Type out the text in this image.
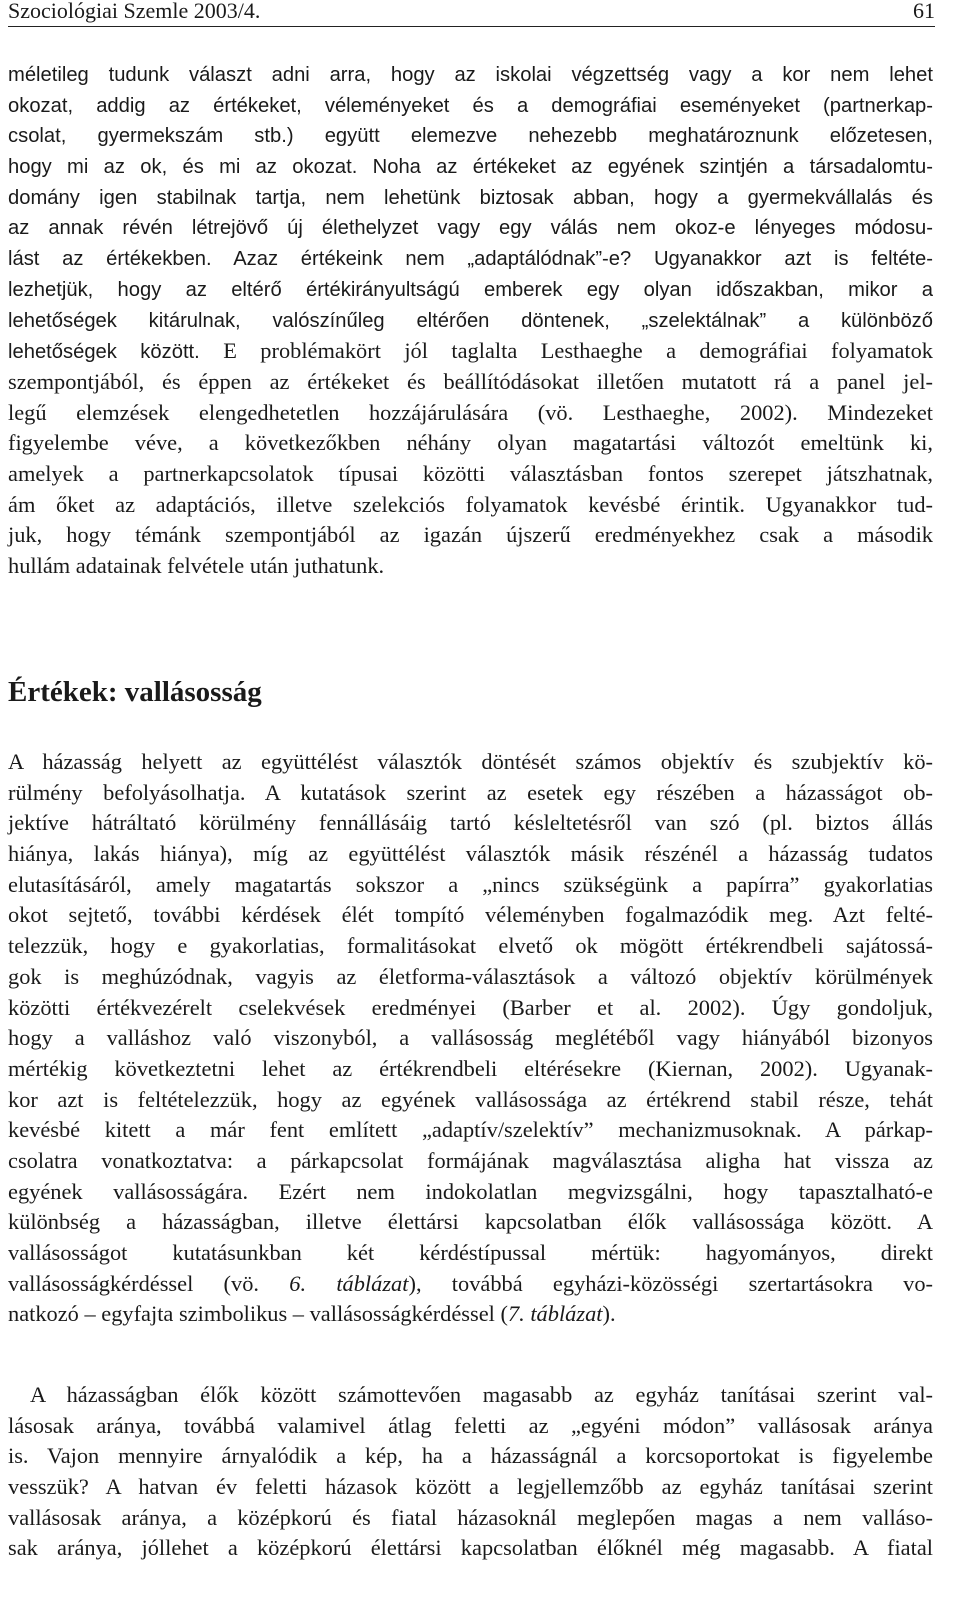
Szociológiai Szemle 2003/4.	61
méletileg tudunk választ adni arra, hogy az iskolai végzettség vagy a kor nem lehet
okozat, addig az értékeket, véleményeket és a demográfiai eseményeket (partnerkap-
csolat, gyermekszám stb.) együtt elemezve nehezebb meghatároznunk előzetesen,
hogy mi az ok, és mi az okozat. Noha az értékeket az egyének szintjén a társadalomtu-
domány igen stabilnak tartja, nem lehetünk biztosak abban, hogy a gyermekvállalás és
az annak révén létrejövő új élethelyzet vagy egy válás nem okoz-e lényeges módosu-
lást az értékekben. Azaz értékeink nem „adaptálódnak”-e? Ugyanakkor azt is feltéte-
lezhetjük, hogy az eltérő értékirányultságú emberek egy olyan időszakban, mikor a
lehetőségek kitárulnak, valószínűleg eltérően döntenek, „szelektálnak” a különböző
lehetőségek között. E problémakört jól taglalta Lesthaeghe a demográfiai folyamatok
szempontjából, és éppen az értékeket és beállítódásokat illetően mutatott rá a panel jel-
legű elemzések elengedhetetlen hozzájárulására (vö. Lesthaeghe, 2002). Mindezeket
figyelembe véve, a következőkben néhány olyan magatartási változót emeltünk ki,
amelyek a partnerkapcsolatok típusai közötti választásban fontos szerepet játszhatnak,
ám őket az adaptációs, illetve szelekciós folyamatok kevésbé érintik. Ugyanakkor tud-
juk, hogy témánk szempontjából az igazán újszerű eredményekhez csak a második
hullám adatainak felvétele után juthatunk.
Értékek: vallásosság
A házasság helyett az együttélést választók döntését számos objektív és szubjektív kö-
rülmény befolyásolhatja. A kutatások szerint az esetek egy részében a házasságot ob-
jektíve hátráltató körülmény fennállásáig tartó késleltetésről van szó (pl. biztos állás
hiánya, lakás hiánya), míg az együttélést választók másik részénél a házasság tudatos
elutasításáról, amely magatartás sokszor a „nincs szükségünk a papírra” gyakorlatias
okot sejtető, további kérdések élét tompító véleményben fogalmazódik meg. Azt felté-
telezzük, hogy e gyakorlatias, formalitásokat elvető ok mögött értékrendbeli sajátossá-
gok is meghúzódnak, vagyis az életforma-választások a változó objektív körülmények
közötti értékvezérelt cselekvések eredményei (Barber et al. 2002). Úgy gondoljuk,
hogy a valláshoz való viszonyból, a vallásosság meglétéből vagy hiányából bizonyos
mértékig következtetni lehet az értékrendbeli eltérésekre (Kiernan, 2002). Ugyanak-
kor azt is feltételezzük, hogy az egyének vallásossága az értékrend stabil része, tehát
kevésbé kitett a már fent említett „adaptív/szelektív” mechanizmusoknak. A párkap-
csolatra vonatkoztatva: a párkapcsolat formájának magválasztása aligha hat vissza az
egyének vallásosságára. Ezért nem indokolatlan megvizsgálni, hogy tapasztalható-e
különbség a házasságban, illetve élettársi kapcsolatban élők vallásossága között. A
vallásosságot kutatásunkban két kérdéstípussal mértük: hagyományos, direkt
vallásosságkérdéssel (vö. 6. táblázat), továbbá egyházi-közösségi szertartásokra vo-
natkozó – egyfajta szimbolikus – vallásosságkérdéssel (7. táblázat).
A házasságban élők között számottevően magasabb az egyház tanításai szerint val-
lásosak aránya, továbbá valamivel átlag feletti az „egyéni módon” vallásosak aránya
is. Vajon mennyire árnyalódik a kép, ha a házasságnál a korcsoportokat is figyelembe
vesszük? A hatvan év feletti házasok között a legjellemzőbb az egyház tanításai szerint
vallásosak aránya, a középkorú és fiatal házasoknál meglepően magas a nem valláso-
sak aránya, jóllehet a középkorú élettársi kapcsolatban élőknél még magasabb. A fiatal
